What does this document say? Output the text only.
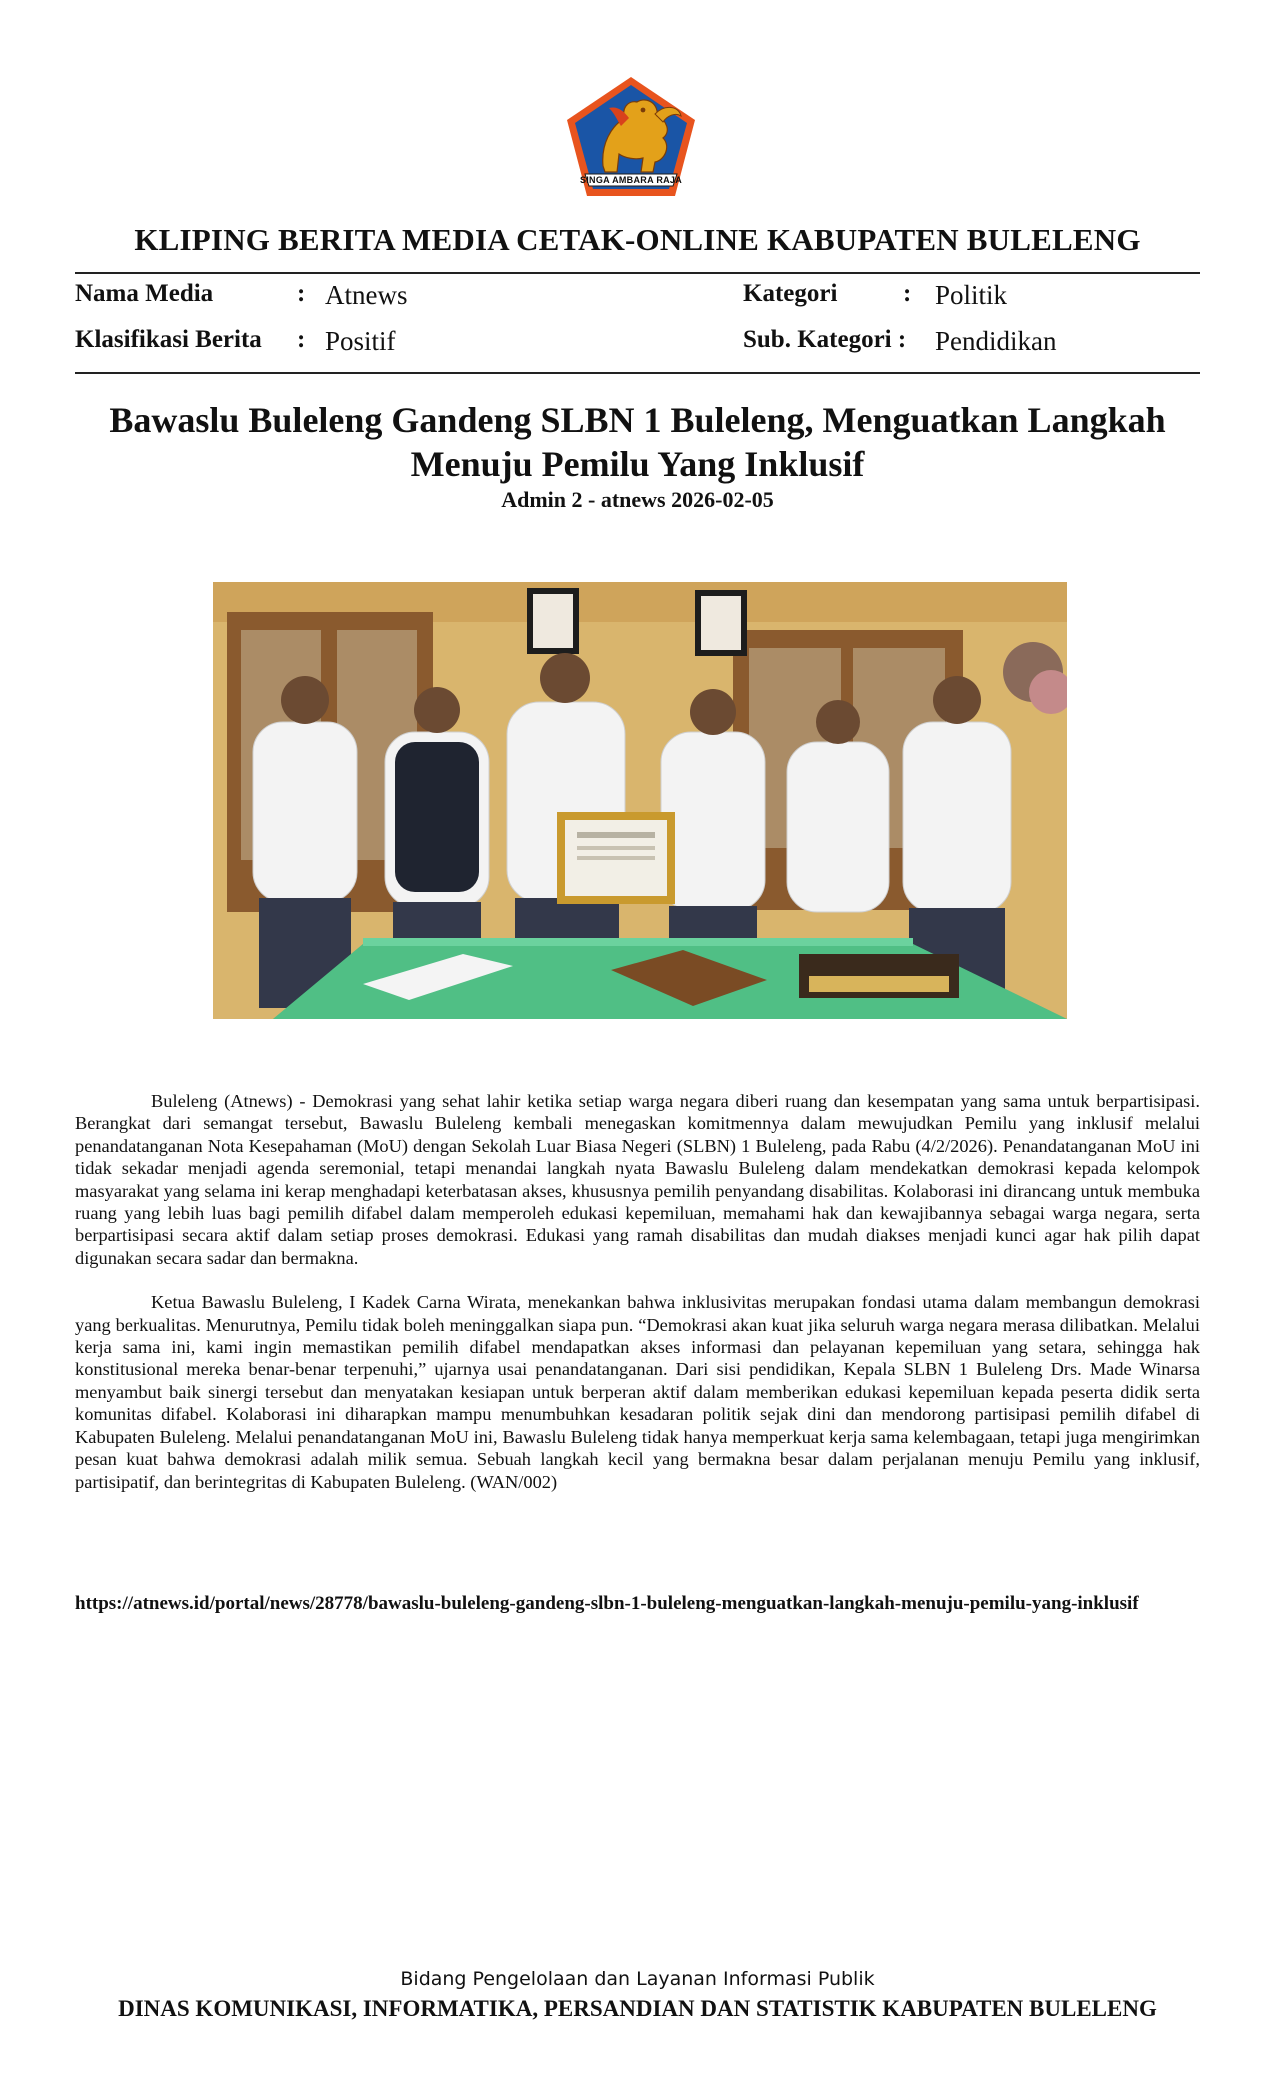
SINGA AMBARA RAJA
KLIPING BERITA MEDIA CETAK-ONLINE KABUPATEN BULELENG
Nama Media	: Atnews	Kategori	: Politik
Klasifikasi Berita : Positif	Sub. Kategori : Pendidikan
Bawaslu Buleleng Gandeng SLBN 1 Buleleng, Menguatkan Langkah Menuju Pemilu Yang Inklusif
Admin 2 - atnews 2026-02-05

Buleleng (Atnews) - Demokrasi yang sehat lahir ketika setiap warga negara diberi ruang dan kesempatan yang sama untuk berpartisipasi. Berangkat dari semangat tersebut, Bawaslu Buleleng kembali menegaskan komitmennya dalam mewujudkan Pemilu yang inklusif melalui penandatanganan Nota Kesepahaman (MoU) dengan Sekolah Luar Biasa Negeri (SLBN) 1 Buleleng, pada Rabu (4/2/2026). Penandatanganan MoU ini tidak sekadar menjadi agenda seremonial, tetapi menandai langkah nyata Bawaslu Buleleng dalam mendekatkan demokrasi kepada kelompok masyarakat yang selama ini kerap menghadapi keterbatasan akses, khususnya pemilih penyandang disabilitas. Kolaborasi ini dirancang untuk membuka ruang yang lebih luas bagi pemilih difabel dalam memperoleh edukasi kepemiluan, memahami hak dan kewajibannya sebagai warga negara, serta berpartisipasi secara aktif dalam setiap proses demokrasi. Edukasi yang ramah disabilitas dan mudah diakses menjadi kunci agar hak pilih dapat digunakan secara sadar dan bermakna.

Ketua Bawaslu Buleleng, I Kadek Carna Wirata, menekankan bahwa inklusivitas merupakan fondasi utama dalam membangun demokrasi yang berkualitas. Menurutnya, Pemilu tidak boleh meninggalkan siapa pun. “Demokrasi akan kuat jika seluruh warga negara merasa dilibatkan. Melalui kerja sama ini, kami ingin memastikan pemilih difabel mendapatkan akses informasi dan pelayanan kepemiluan yang setara, sehingga hak konstitusional mereka benar-benar terpenuhi,” ujarnya usai penandatanganan. Dari sisi pendidikan, Kepala SLBN 1 Buleleng Drs. Made Winarsa menyambut baik sinergi tersebut dan menyatakan kesiapan untuk berperan aktif dalam memberikan edukasi kepemiluan kepada peserta didik serta komunitas difabel. Kolaborasi ini diharapkan mampu menumbuhkan kesadaran politik sejak dini dan mendorong partisipasi pemilih difabel di Kabupaten Buleleng. Melalui penandatanganan MoU ini, Bawaslu Buleleng tidak hanya memperkuat kerja sama kelembagaan, tetapi juga mengirimkan pesan kuat bahwa demokrasi adalah milik semua. Sebuah langkah kecil yang bermakna besar dalam perjalanan menuju Pemilu yang inklusif, partisipatif, dan berintegritas di Kabupaten Buleleng. (WAN/002)

https://atnews.id/portal/news/28778/bawaslu-buleleng-gandeng-slbn-1-buleleng-menguatkan-langkah-menuju-pemilu-yang-inklusif
Bidang Pengelolaan dan Layanan Informasi Publik
DINAS KOMUNIKASI, INFORMATIKA, PERSANDIAN DAN STATISTIK KABUPATEN BULELENG
